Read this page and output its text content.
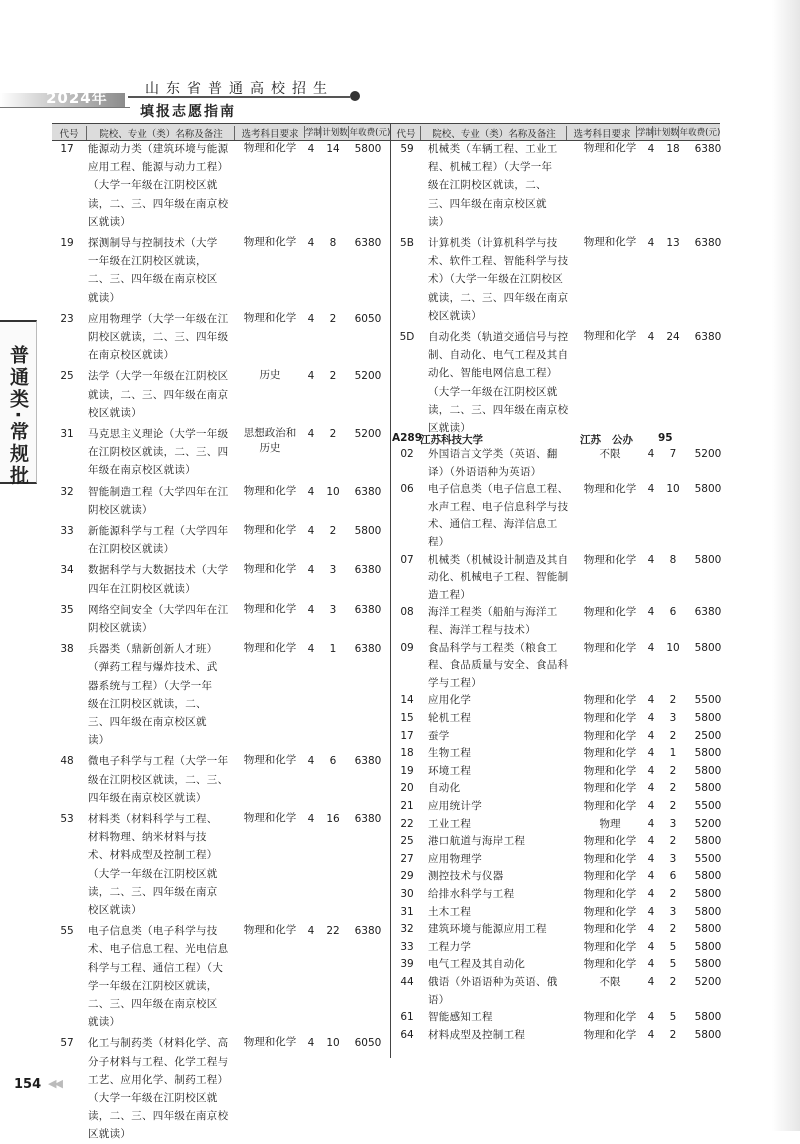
2024年	山东省普通高校招生
填报志愿指南
普通类·常规批
代号	院校、专业（类）名称及备注	选考科目要求 学制 计划数 年收费(元) 代号	院校、专业（类）名称及备注	选考科目要求 学制 计划数 年收费(元)
17	能源动力类（建筑环境与能源
应用工程、能源与动力工程）
（大学一年级在江阴校区就
读，二、三、四年级在南京校
区就读）
物理和化学	4	14	5800
19	探测制导与控制技术（大学
一年级在江阴校区就读，
二、三、四年级在南京校区
就读）
物理和化学	4	8	6380
23	应用物理学（大学一年级在江
阴校区就读，二、三、四年级
在南京校区就读）
物理和化学	4	2	6050
25	法学（大学一年级在江阴校区
就读，二、三、四年级在南京
校区就读）
历史	4	2	5200
31	马克思主义理论（大学一年级
在江阴校区就读，二、三、四
年级在南京校区就读）
思想政治和
历史
4	2	5200
32	智能制造工程（大学四年在江
阴校区就读）
物理和化学	4	10	6380
33	新能源科学与工程（大学四年
在江阴校区就读）
物理和化学	4	2	5800
34	数据科学与大数据技术（大学
四年在江阴校区就读）
物理和化学	4	3	6380
35	网络空间安全（大学四年在江
阴校区就读）
物理和化学	4	3	6380
38	兵器类（鼎新创新人才班）
（弹药工程与爆炸技术、武
器系统与工程）（大学一年
级在江阴校区就读，二、
三、四年级在南京校区就
读）
物理和化学	4	1	6380
48	微电子科学与工程（大学一年
级在江阴校区就读，二、三、
四年级在南京校区就读）
物理和化学	4	6	6380
53	材料类（材料科学与工程、
材料物理、纳米材料与技
术、材料成型及控制工程）
（大学一年级在江阴校区就
读，二、三、四年级在南京
校区就读）
物理和化学	4	16	6380
55	电子信息类（电子科学与技
术、电子信息工程、光电信息
科学与工程、通信工程）（大
学一年级在江阴校区就读，
二、三、四年级在南京校区
就读）
物理和化学	4	22	6380
57	化工与制药类（材料化学、高
分子材料与工程、化学工程与
工艺、应用化学、制药工程）
（大学一年级在江阴校区就
读，二、三、四年级在南京校
区就读）
物理和化学	4	10	6050
59	机械类（车辆工程、工业工
程、机械工程）（大学一年
级在江阴校区就读，二、
三、四年级在南京校区就
读）
物理和化学	4	18	6380
5B	计算机类（计算机科学与技
术、软件工程、智能科学与技
术）（大学一年级在江阴校区
就读，二、三、四年级在南京
校区就读）
物理和化学	4	13	6380
5D	自动化类（轨道交通信号与控
制、自动化、电气工程及其自
动化、智能电网信息工程）
（大学一年级在江阴校区就
读，二、三、四年级在南京校
区就读）
物理和化学	4	24	6380
A289
江苏科技大学	江苏 公办 95
02	外国语言文学类（英语、翻
译）（外语语种为英语）
不限	4	7	5200
06	电子信息类（电子信息工程、
水声工程、电子信息科学与技
术、通信工程、海洋信息工
程）
物理和化学	4	10	5800
07	机械类（机械设计制造及其自
动化、机械电子工程、智能制
造工程）
物理和化学	4	8	5800
08	海洋工程类（船舶与海洋工
程、海洋工程与技术）
物理和化学	4	6	6380
09	食品科学与工程类（粮食工
程、食品质量与安全、食品科
学与工程）
物理和化学	4	10	5800
14	应用化学	物理和化学	4	2	5500
15	轮机工程	物理和化学	4	3	5800
17	蚕学	物理和化学	4	2	2500
18	生物工程	物理和化学	4	1	5800
19	环境工程	物理和化学	4	2	5800
20	自动化	物理和化学	4	2	5800
21	应用统计学	物理和化学	4	2	5500
22	工业工程	物理	4	3	5200
25	港口航道与海岸工程	物理和化学	4	2	5800
27	应用物理学	物理和化学	4	3	5500
29	测控技术与仪器	物理和化学	4	6	5800
30	给排水科学与工程	物理和化学	4	2	5800
31	土木工程	物理和化学	4	3	5800
32	建筑环境与能源应用工程	物理和化学	4	2	5800
33	工程力学	物理和化学	4	5	5800
39	电气工程及其自动化	物理和化学	4	5	5800
44	俄语（外语语种为英语、俄
语）
不限	4	2	5200
61	智能感知工程	物理和化学	4	5	5800
64	材料成型及控制工程	物理和化学	4	2	5800
154 ◀◀
